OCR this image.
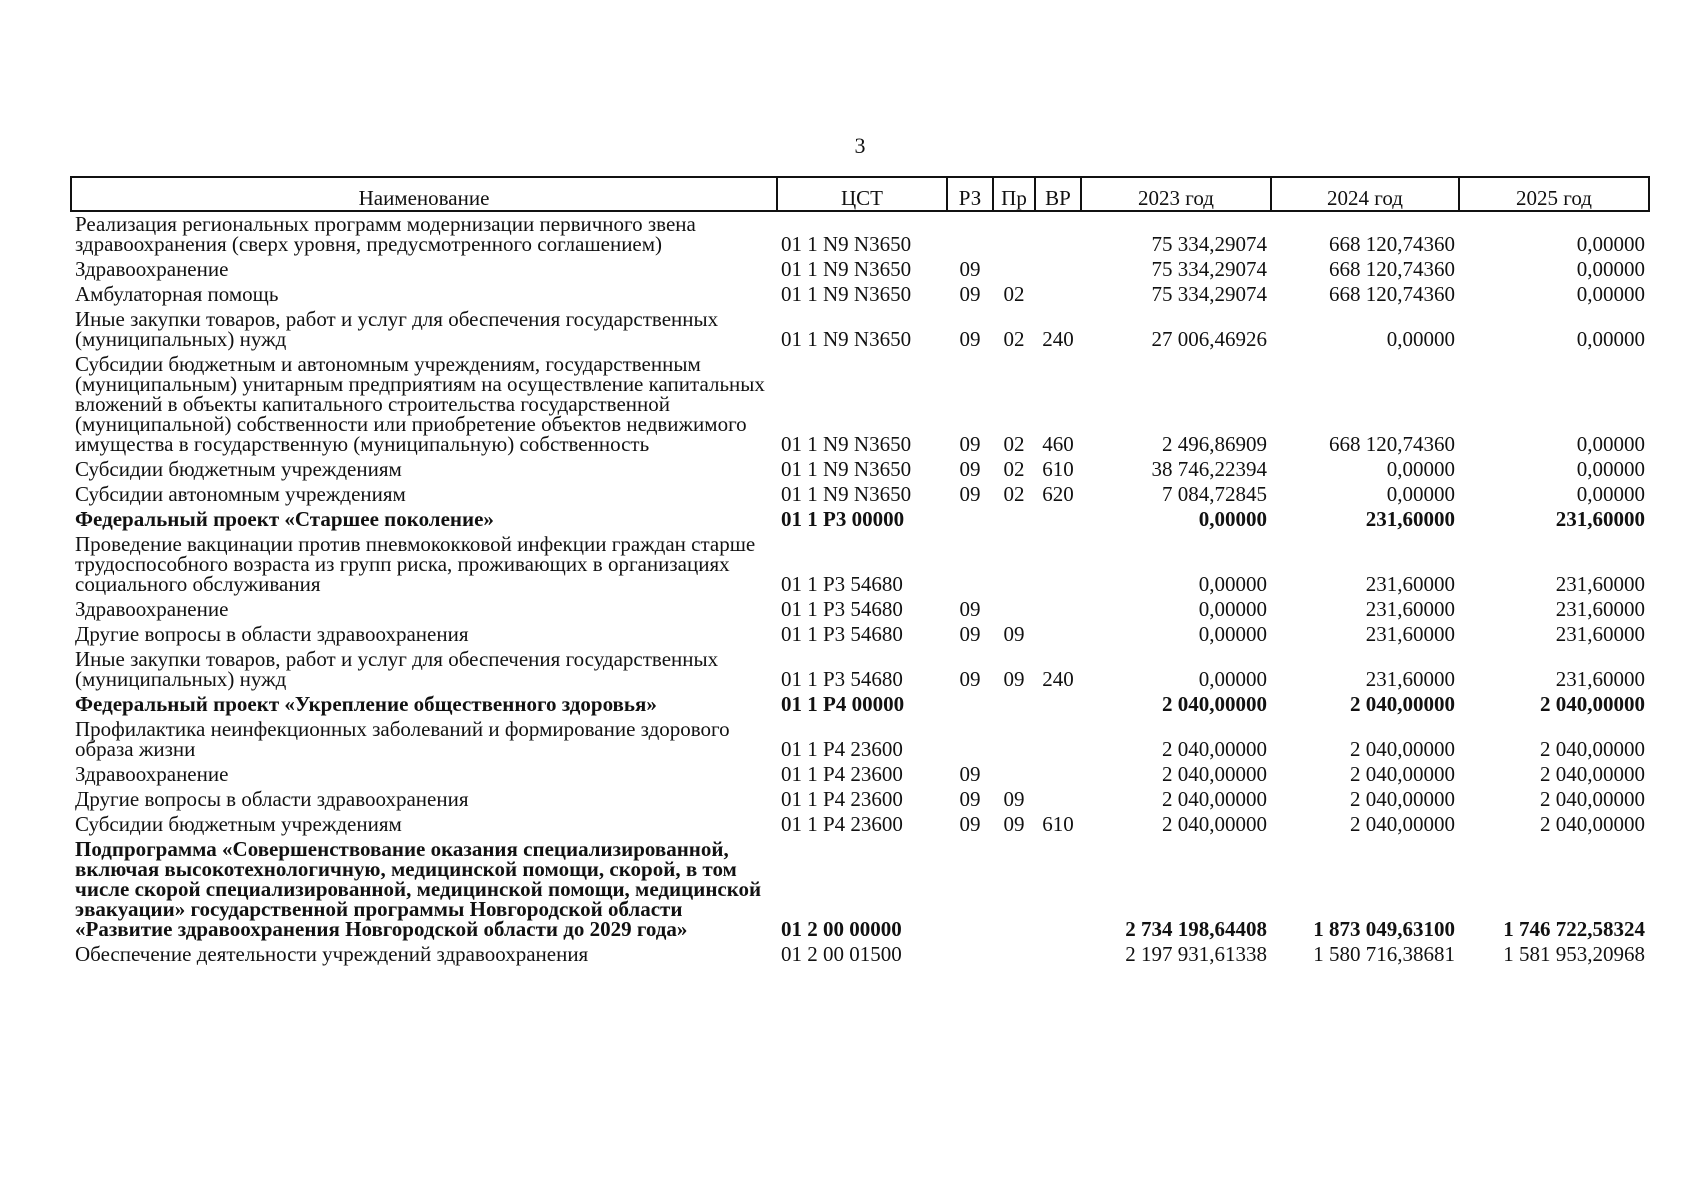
3
Наименование	ЦСТ	РЗ	Пр	ВР	2023 год	2024 год	2025 год
Реализация региональных программ модернизации первичного звена здравоохранения (сверх уровня, предусмотренного соглашением)	01 1 N9 N3650				75 334,29074	668 120,74360	0,00000
Здравоохранение	01 1 N9 N3650	09			75 334,29074	668 120,74360	0,00000
Амбулаторная помощь	01 1 N9 N3650	09	02		75 334,29074	668 120,74360	0,00000
Иные закупки товаров, работ и услуг для обеспечения государственных (муниципальных) нужд	01 1 N9 N3650	09	02	240	27 006,46926	0,00000	0,00000
Субсидии бюджетным и автономным учреждениям, государственным (муниципальным) унитарным предприятиям на осуществление капитальных вложений в объекты капитального строительства государственной (муниципальной) собственности или приобретение объектов недвижимого имущества в государственную (муниципальную) собственность	01 1 N9 N3650	09	02	460	2 496,86909	668 120,74360	0,00000
Субсидии бюджетным учреждениям	01 1 N9 N3650	09	02	610	38 746,22394	0,00000	0,00000
Субсидии автономным учреждениям	01 1 N9 N3650	09	02	620	7 084,72845	0,00000	0,00000
Федеральный проект «Старшее поколение»	01 1 P3 00000				0,00000	231,60000	231,60000
Проведение вакцинации против пневмококковой инфекции граждан старше трудоспособного возраста из групп риска, проживающих в организациях социального обслуживания	01 1 P3 54680				0,00000	231,60000	231,60000
Здравоохранение	01 1 P3 54680	09			0,00000	231,60000	231,60000
Другие вопросы в области здравоохранения	01 1 P3 54680	09	09		0,00000	231,60000	231,60000
Иные закупки товаров, работ и услуг для обеспечения государственных (муниципальных) нужд	01 1 P3 54680	09	09	240	0,00000	231,60000	231,60000
Федеральный проект «Укрепление общественного здоровья»	01 1 P4 00000				2 040,00000	2 040,00000	2 040,00000
Профилактика неинфекционных заболеваний и формирование здорового образа жизни	01 1 P4 23600				2 040,00000	2 040,00000	2 040,00000
Здравоохранение	01 1 P4 23600	09			2 040,00000	2 040,00000	2 040,00000
Другие вопросы в области здравоохранения	01 1 P4 23600	09	09		2 040,00000	2 040,00000	2 040,00000
Субсидии бюджетным учреждениям	01 1 P4 23600	09	09	610	2 040,00000	2 040,00000	2 040,00000
Подпрограмма «Совершенствование оказания специализированной, включая высокотехнологичную, медицинской помощи, скорой, в том числе скорой специализированной, медицинской помощи, медицинской эвакуации» государственной программы Новгородской области «Развитие здравоохранения Новгородской области до 2029 года»	01 2 00 00000				2 734 198,64408	1 873 049,63100	1 746 722,58324
Обеспечение деятельности учреждений здравоохранения	01 2 00 01500				2 197 931,61338	1 580 716,38681	1 581 953,20968
